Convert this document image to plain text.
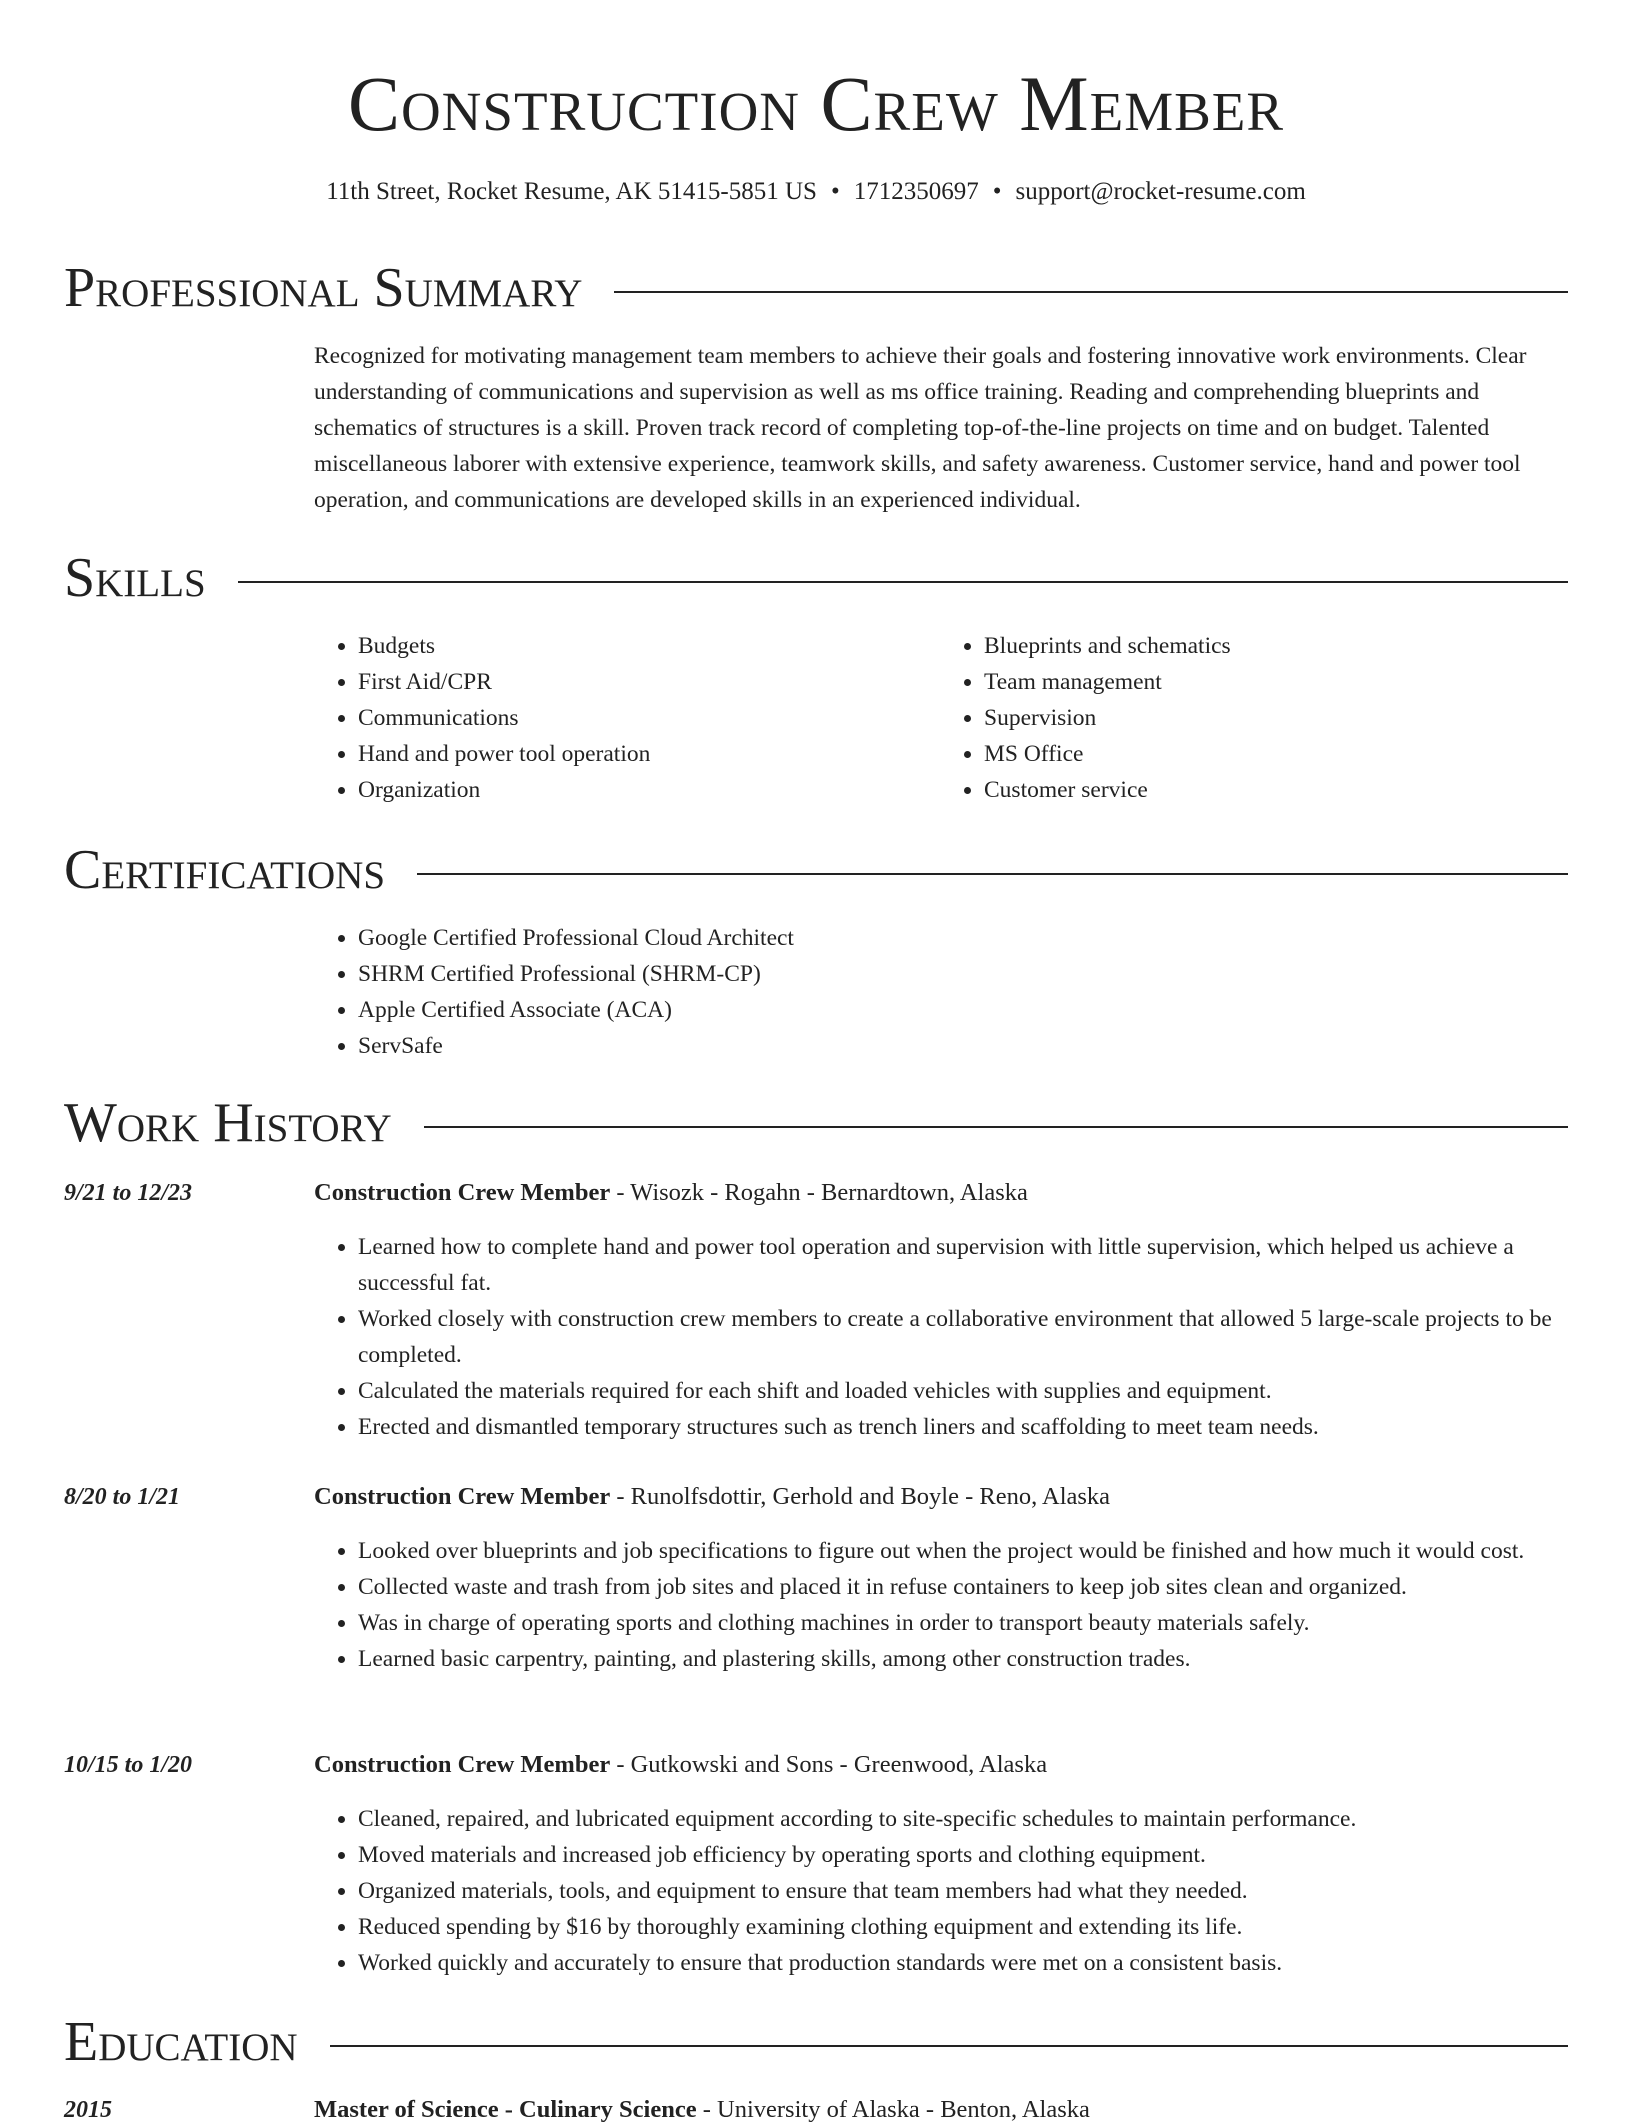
Construction Crew Member
11th Street, Rocket Resume, AK 51415-5851 US • 1712350697 • support@rocket-resume.com
Professional Summary
Recognized for motivating management team members to achieve their goals and fostering innovative work environments. Clear understanding of communications and supervision as well as ms office training. Reading and comprehending blueprints and schematics of structures is a skill. Proven track record of completing top-of-the-line projects on time and on budget. Talented miscellaneous laborer with extensive experience, teamwork skills, and safety awareness. Customer service, hand and power tool operation, and communications are developed skills in an experienced individual.
Skills
• Budgets
• First Aid/CPR
• Communications
• Hand and power tool operation
• Organization
• Blueprints and schematics
• Team management
• Supervision
• MS Office
• Customer service
Certifications
• Google Certified Professional Cloud Architect
• SHRM Certified Professional (SHRM-CP)
• Apple Certified Associate (ACA)
• ServSafe
Work History
9/21 to 12/23	Construction Crew Member - Wisozk - Rogahn - Bernardtown, Alaska
• Learned how to complete hand and power tool operation and supervision with little supervision, which helped us achieve a successful fat.
• Worked closely with construction crew members to create a collaborative environment that allowed 5 large-scale projects to be completed.
• Calculated the materials required for each shift and loaded vehicles with supplies and equipment.
• Erected and dismantled temporary structures such as trench liners and scaffolding to meet team needs.
8/20 to 1/21	Construction Crew Member - Runolfsdottir, Gerhold and Boyle - Reno, Alaska
• Looked over blueprints and job specifications to figure out when the project would be finished and how much it would cost.
• Collected waste and trash from job sites and placed it in refuse containers to keep job sites clean and organized.
• Was in charge of operating sports and clothing machines in order to transport beauty materials safely.
• Learned basic carpentry, painting, and plastering skills, among other construction trades.
10/15 to 1/20	Construction Crew Member - Gutkowski and Sons - Greenwood, Alaska
• Cleaned, repaired, and lubricated equipment according to site-specific schedules to maintain performance.
• Moved materials and increased job efficiency by operating sports and clothing equipment.
• Organized materials, tools, and equipment to ensure that team members had what they needed.
• Reduced spending by $16 by thoroughly examining clothing equipment and extending its life.
• Worked quickly and accurately to ensure that production standards were met on a consistent basis.
Education
2015	Master of Science - Culinary Science - University of Alaska - Benton, Alaska
